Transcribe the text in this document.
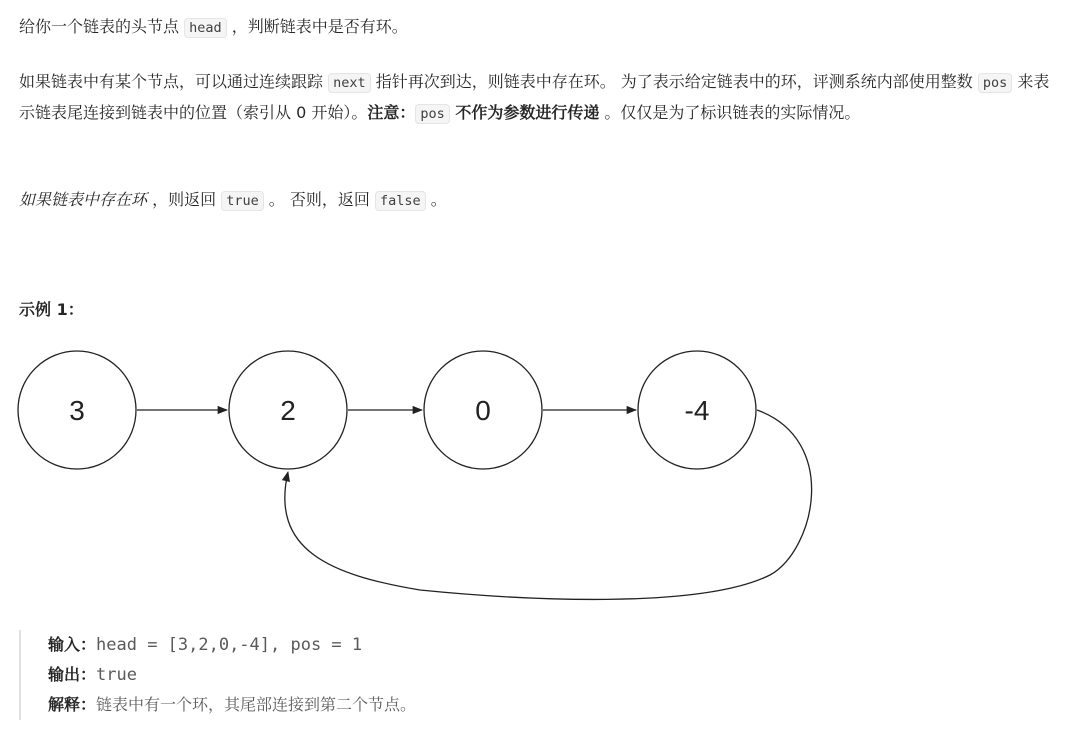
给你一个链表的头节点 head ，判断链表中是否有环。

如果链表中有某个节点，可以通过连续跟踪 next 指针再次到达，则链表中存在环。 为了表示给定链表中的环，评测系统内部使用整数 pos 来表示链表尾连接到链表中的位置（索引从 0 开始）。注意： pos 不作为参数进行传递 。仅仅是为了标识链表的实际情况。

如果链表中存在环 ，则返回 true 。 否则，返回 false 。

示例 1：

3	2	0	-4
输入：head = [3,2,0,-4], pos = 1
输出：true
解释：链表中有一个环，其尾部连接到第二个节点。
